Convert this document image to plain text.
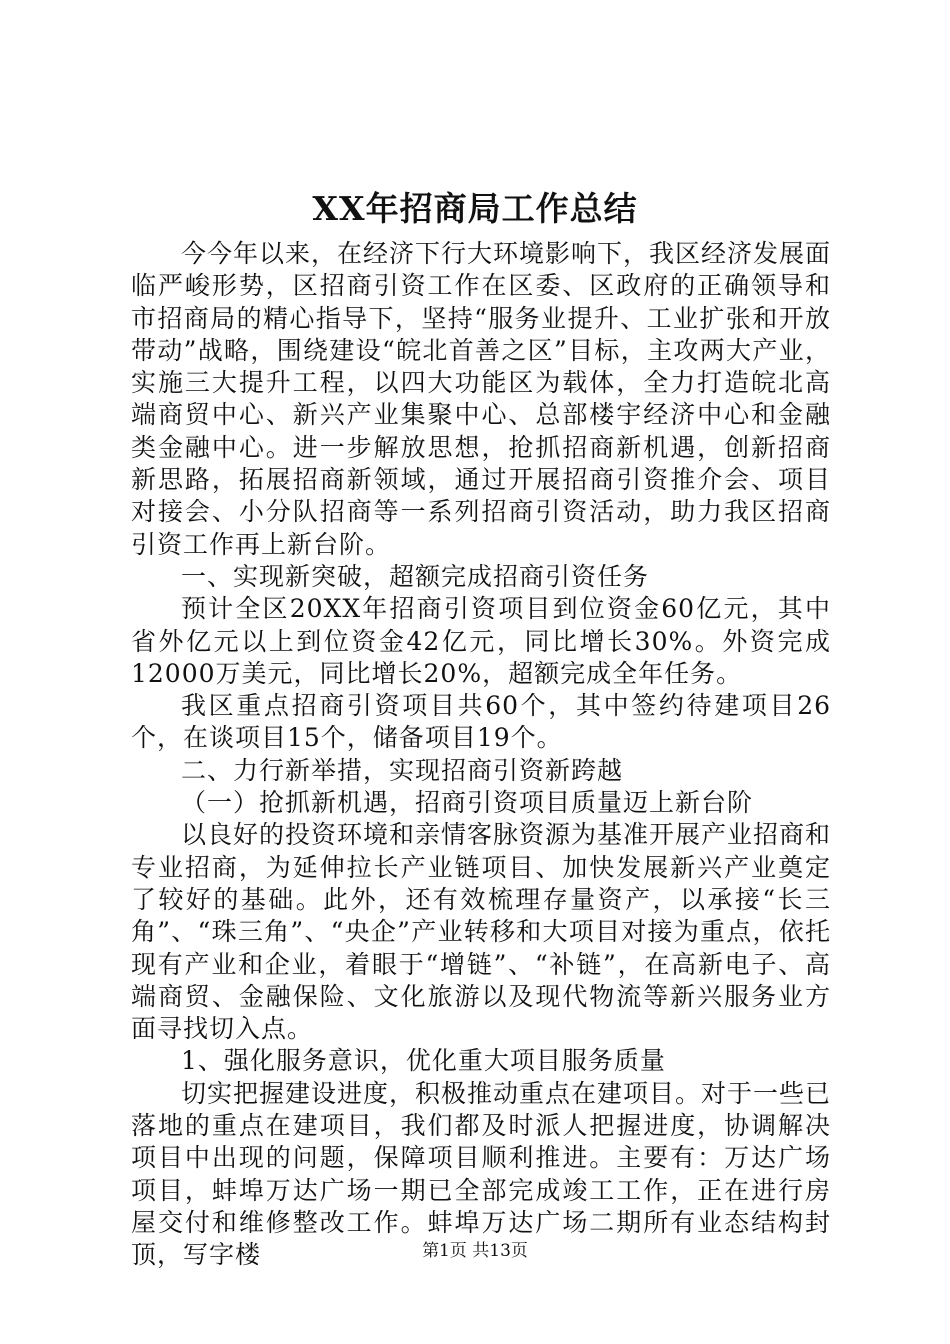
XX年招商局工作总结

今今年以来，在经济下行大环境影响下，我区经济发展面临严峻形势，区招商引资工作在区委、区政府的正确领导和市招商局的精心指导下，坚持“服务业提升、工业扩张和开放带动”战略，围绕建设“皖北首善之区”目标，主攻两大产业，实施三大提升工程，以四大功能区为载体，全力打造皖北高端商贸中心、新兴产业集聚中心、总部楼宇经济中心和金融类金融中心。进一步解放思想，抢抓招商新机遇，创新招商新思路，拓展招商新领域，通过开展招商引资推介会、项目对接会、小分队招商等一系列招商引资活动，助力我区招商引资工作再上新台阶。

一、实现新突破，超额完成招商引资任务

预计全区20XX年招商引资项目到位资金60亿元，其中省外亿元以上到位资金42亿元，同比增长30%。外资完成12000万美元，同比增长20%，超额完成全年任务。

我区重点招商引资项目共60个，其中签约待建项目26个，在谈项目15个，储备项目19个。

二、力行新举措，实现招商引资新跨越

（一）抢抓新机遇，招商引资项目质量迈上新台阶

以良好的投资环境和亲情客脉资源为基准开展产业招商和专业招商，为延伸拉长产业链项目、加快发展新兴产业奠定了较好的基础。此外，还有效梳理存量资产，以承接“长三角”、“珠三角”、“央企”产业转移和大项目对接为重点，依托现有产业和企业，着眼于“增链”、“补链”，在高新电子、高端商贸、金融保险、文化旅游以及现代物流等新兴服务业方面寻找切入点。

1、强化服务意识，优化重大项目服务质量

切实把握建设进度，积极推动重点在建项目。对于一些已落地的重点在建项目，我们都及时派人把握进度，协调解决项目中出现的问题，保障项目顺利推进。主要有：万达广场项目，蚌埠万达广场一期已全部完成竣工工作，正在进行房屋交付和维修整改工作。蚌埠万达广场二期所有业态结构封顶，写字楼	第1页 共13页
